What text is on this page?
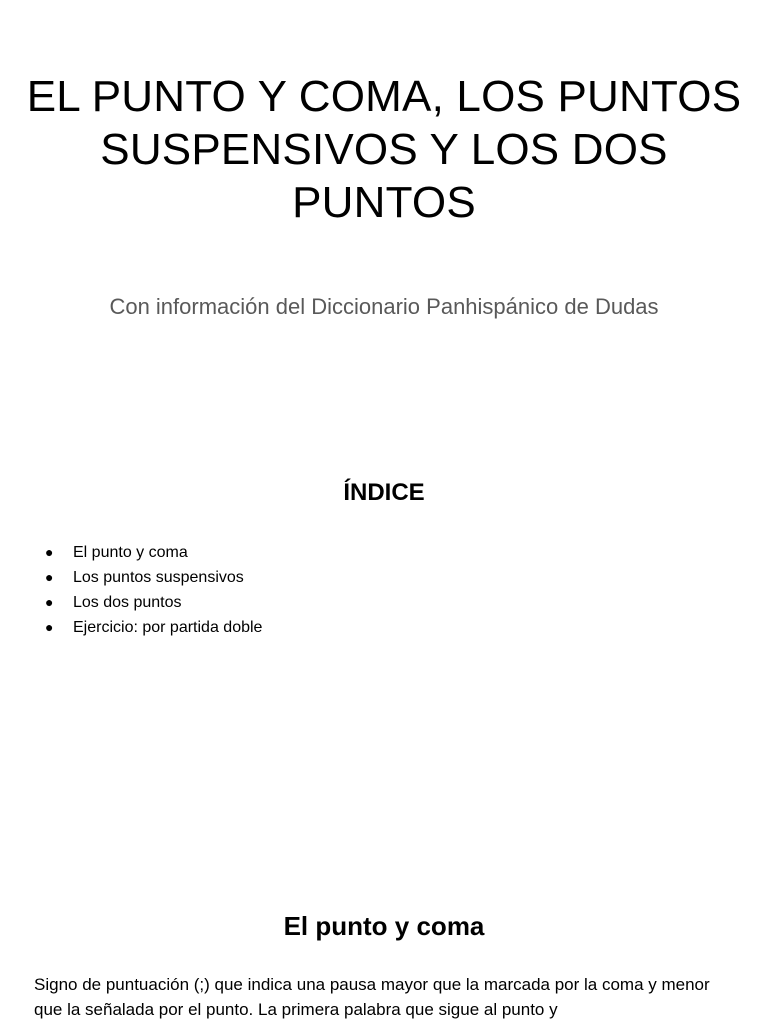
EL PUNTO Y COMA, LOS PUNTOS SUSPENSIVOS Y LOS DOS PUNTOS

Con información del Diccionario Panhispánico de Dudas

ÍNDICE
● El punto y coma
● Los puntos suspensivos
● Los dos puntos
● Ejercicio: por partida doble
El punto y coma

Signo de puntuación (;) que indica una pausa mayor que la marcada por la coma y menor que la señalada por el punto. La primera palabra que sigue al punto y
